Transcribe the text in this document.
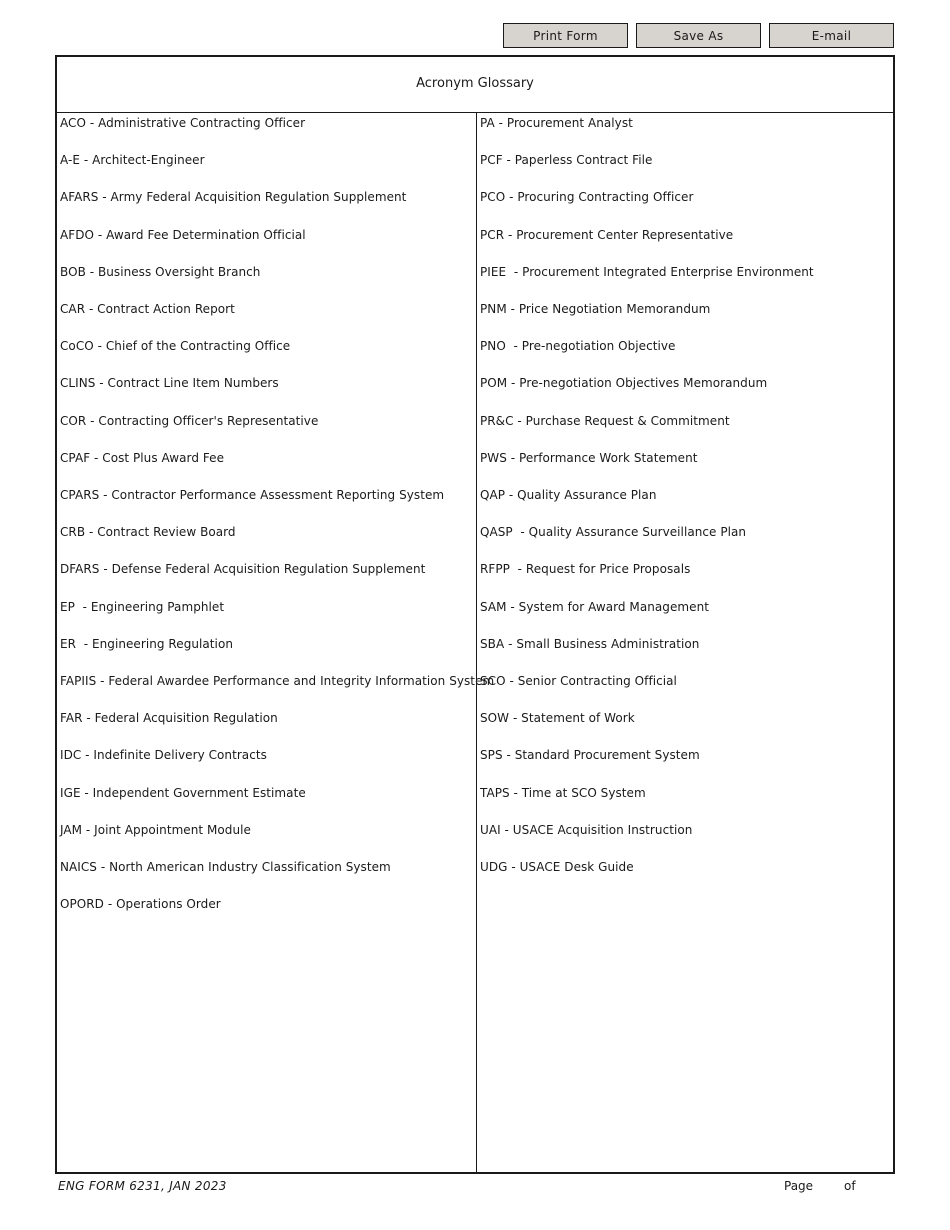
Print Form	Save As	E-mail
Acronym Glossary
ACO - Administrative Contracting Officer
A-E - Architect-Engineer
AFARS - Army Federal Acquisition Regulation Supplement
AFDO - Award Fee Determination Official
BOB - Business Oversight Branch
CAR - Contract Action Report
CoCO - Chief of the Contracting Office
CLINS - Contract Line Item Numbers
COR - Contracting Officer's Representative
CPAF - Cost Plus Award Fee
CPARS - Contractor Performance Assessment Reporting System
CRB - Contract Review Board
DFARS - Defense Federal Acquisition Regulation Supplement
EP  - Engineering Pamphlet
ER  - Engineering Regulation
FAPIIS - Federal Awardee Performance and Integrity Information System
FAR - Federal Acquisition Regulation
IDC - Indefinite Delivery Contracts
IGE - Independent Government Estimate
JAM - Joint Appointment Module
NAICS - North American Industry Classification System
OPORD - Operations Order
PA - Procurement Analyst
PCF - Paperless Contract File
PCO - Procuring Contracting Officer
PCR - Procurement Center Representative
PIEE  - Procurement Integrated Enterprise Environment
PNM - Price Negotiation Memorandum
PNO  - Pre-negotiation Objective
POM - Pre-negotiation Objectives Memorandum
PR&C - Purchase Request & Commitment
PWS - Performance Work Statement
QAP - Quality Assurance Plan
QASP  - Quality Assurance Surveillance Plan
RFPP  - Request for Price Proposals
SAM - System for Award Management
SBA - Small Business Administration
SCO - Senior Contracting Official
SOW - Statement of Work
SPS - Standard Procurement System
TAPS - Time at SCO System
UAI - USACE Acquisition Instruction
UDG - USACE Desk Guide
ENG FORM 6231, JAN 2023	Page	of
